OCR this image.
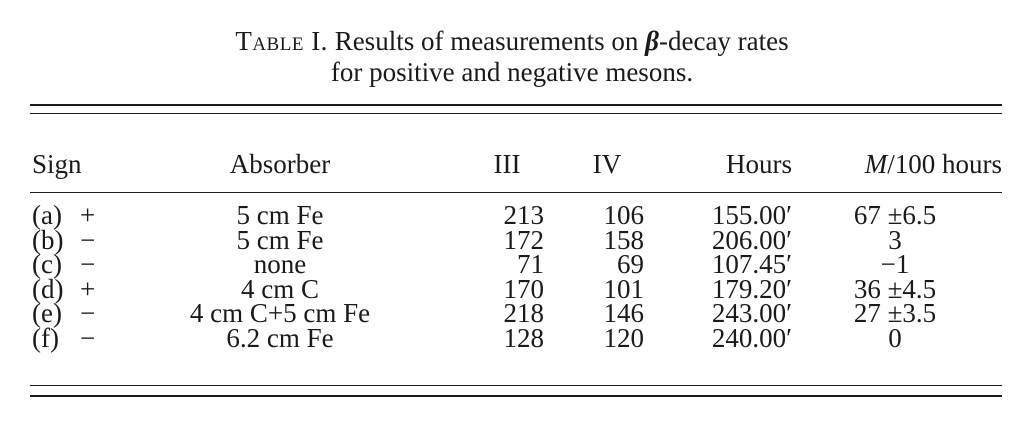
Table I. Results of measurements on β-decay rates
for positive and negative mesons.
Sign	Absorber	III	IV	Hours	M/100 hours
(a) +	5 cm Fe	213	106	155.00′	67 ±6.5
(b) −	5 cm Fe	172	158	206.00′	3
(c) −	none	71	69	107.45′	−1
(d) +	4 cm C	170	101	179.20′	36 ±4.5
(e) −	4 cm C+5 cm Fe	218	146	243.00′	27 ±3.5
(f) −	6.2 cm Fe	128	120	240.00′	0
